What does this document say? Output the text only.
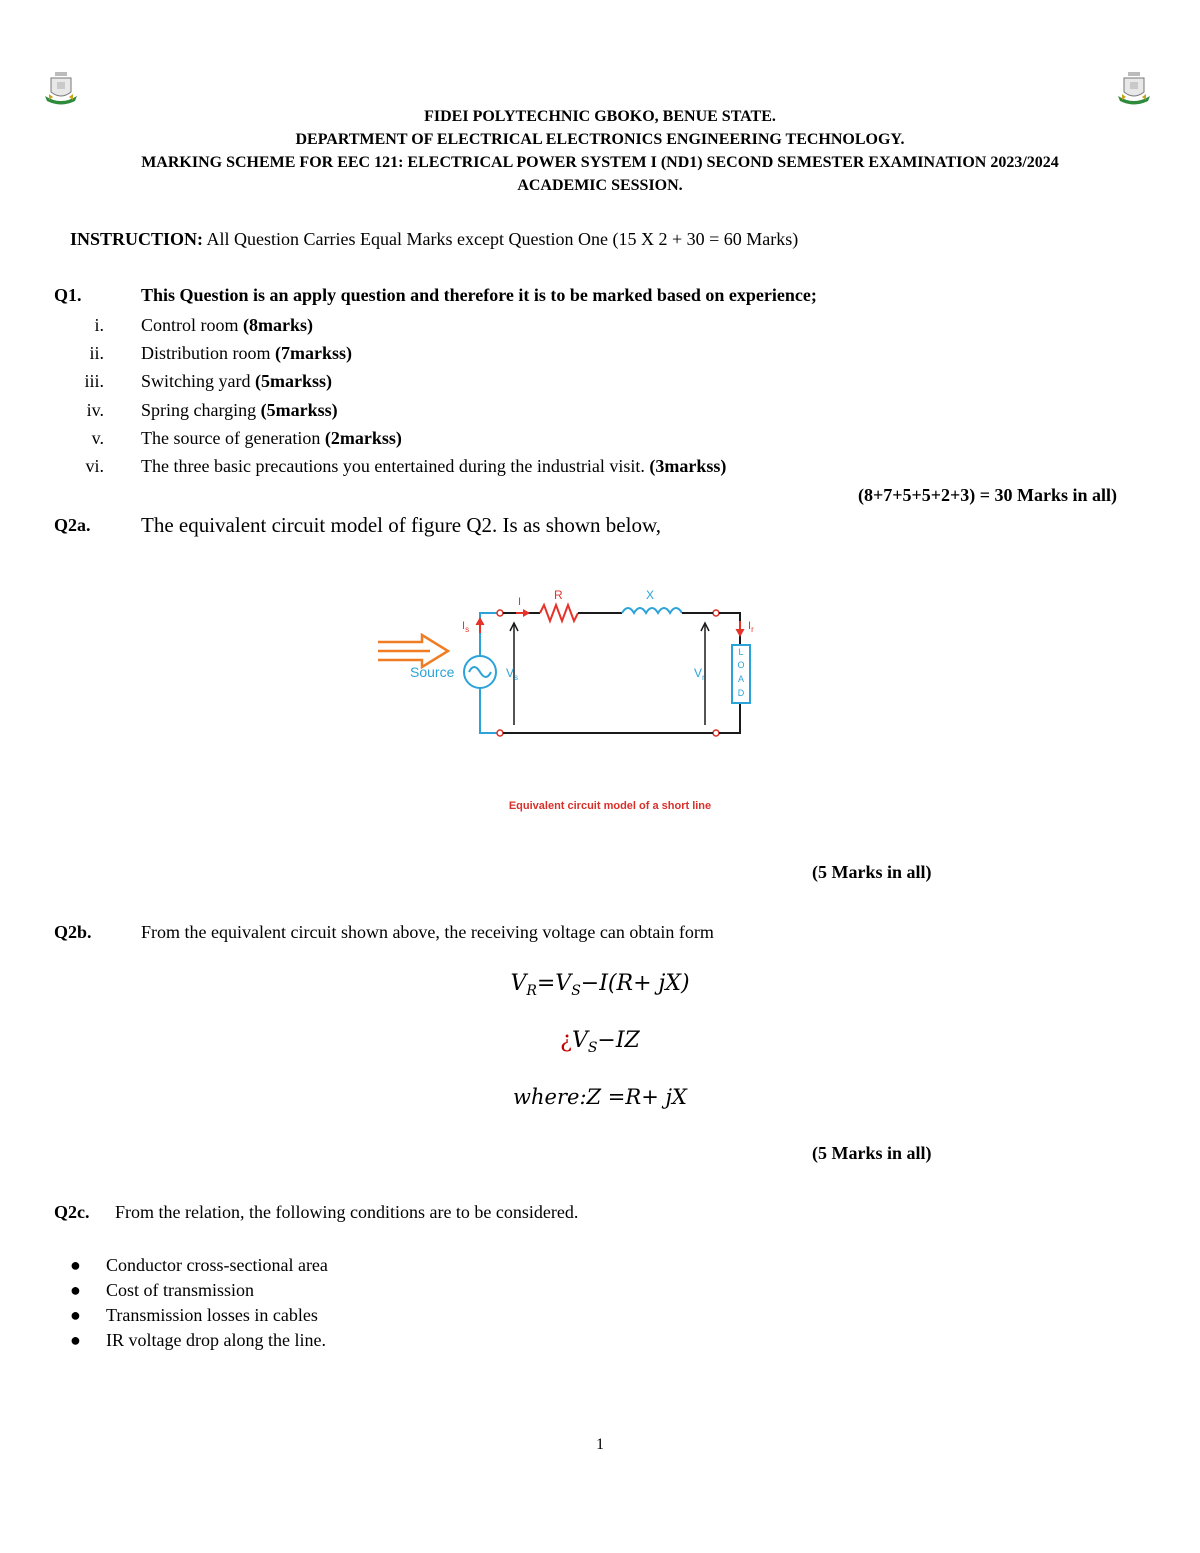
FIDEI POLYTECHNIC GBOKO, BENUE STATE.
DEPARTMENT OF ELECTRICAL ELECTRONICS ENGINEERING TECHNOLOGY.
MARKING SCHEME FOR EEC 121: ELECTRICAL POWER SYSTEM I (ND1) SECOND SEMESTER EXAMINATION 2023/2024
ACADEMIC SESSION.
INSTRUCTION: All Question Carries Equal Marks except Question One (15 X 2 + 30 = 60 Marks)
Q1.	This Question is an apply question and therefore it is to be marked based on experience;
i. Control room (8marks)
ii. Distribution room (7markss)
iii. Switching yard (5markss)
iv. Spring charging (5markss)
v. The source of generation (2markss)
vi. The three basic precautions you entertained during the industrial visit. (3markss)
(8+7+5+5+2+3) = 30 Marks in all)
Q2a. The equivalent circuit model of figure Q2. Is as shown below,
L
O
A
D
Source
R	X
I
$I_s$	$I_r$
$V_s$	$V_r$
Equivalent circuit model of a short line
(5 Marks in all)
Q2b.	From the equivalent circuit shown above, the receiving voltage can obtain form
$V_R=V_S-I(R+ jX)$
¿$V_S-IZ$
where:Z =R+ jX
(5 Marks in all)
Q2c. From the relation, the following conditions are to be considered.
● Conductor cross-sectional area
● Cost of transmission
● Transmission losses in cables
● IR voltage drop along the line.
1
